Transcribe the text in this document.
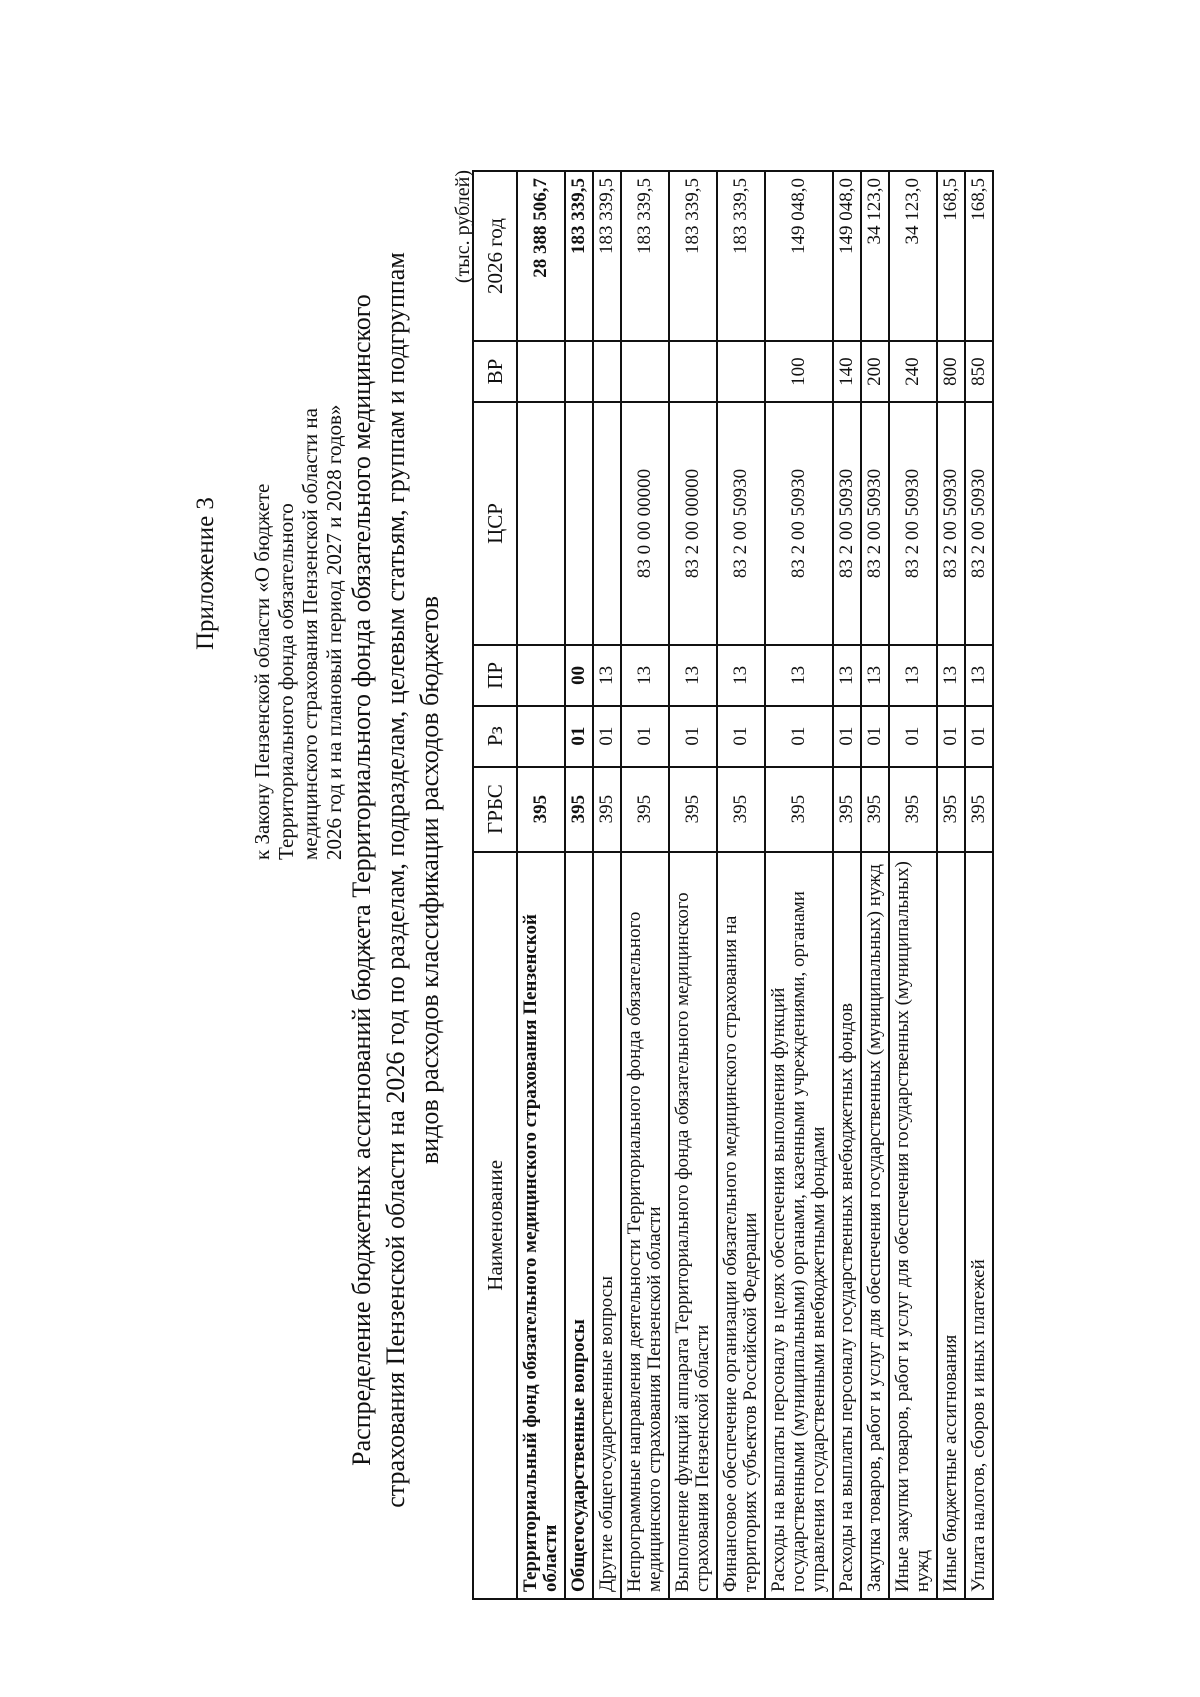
Приложение 3 к Закону Пензенской области «О бюджете Территориального фонда обязательного медицинского страхования Пензенской области на 2026 год и на плановый период 2027 и 2028 годов» Распределение бюджетных ассигнований бюджета Территориального фонда обязательного медицинского страхования Пензенской области на 2026 год по разделам, подразделам, целевым статьям, группам и подгруппам видов расходов классификации расходов бюджетов
(тыс. рублей)
Наименование	ГРБС	Рз	ПР	ЦСР	ВР	2026 год
Территориальный фонд обязательного медицинского страхования Пензенской области	395					28 388 506,7
Общегосударственные вопросы	395	01	00			183 339,5
Другие общегосударственные вопросы	395	01	13			183 339,5
Непрограммные направления деятельности Территориального фонда обязательного медицинского страхования Пензенской области	395	01	13	83 0 00 00000		183 339,5
Выполнение функций аппарата Территориального фонда обязательного медицинского страхования Пензенской области	395	01	13	83 2 00 00000		183 339,5
Финансовое обеспечение организации обязательного медицинского страхования на территориях субъектов Российской Федерации	395	01	13	83 2 00 50930		183 339,5
Расходы на выплаты персоналу в целях обеспечения выполнения функций государственными (муниципальными) органами, казенными учреждениями, органами управления государственными внебюджетными фондами	395	01	13	83 2 00 50930	100	149 048,0
Расходы на выплаты персоналу государственных внебюджетных фондов	395	01	13	83 2 00 50930	140	149 048,0
Закупка товаров, работ и услуг для обеспечения государственных (муниципальных) нужд	395	01	13	83 2 00 50930	200	34 123,0
Иные закупки товаров, работ и услуг для обеспечения государственных (муниципальных) нужд	395	01	13	83 2 00 50930	240	34 123,0
Иные бюджетные ассигнования	395	01	13	83 2 00 50930	800	168,5
Уплата налогов, сборов и иных платежей	395	01	13	83 2 00 50930	850	168,5
